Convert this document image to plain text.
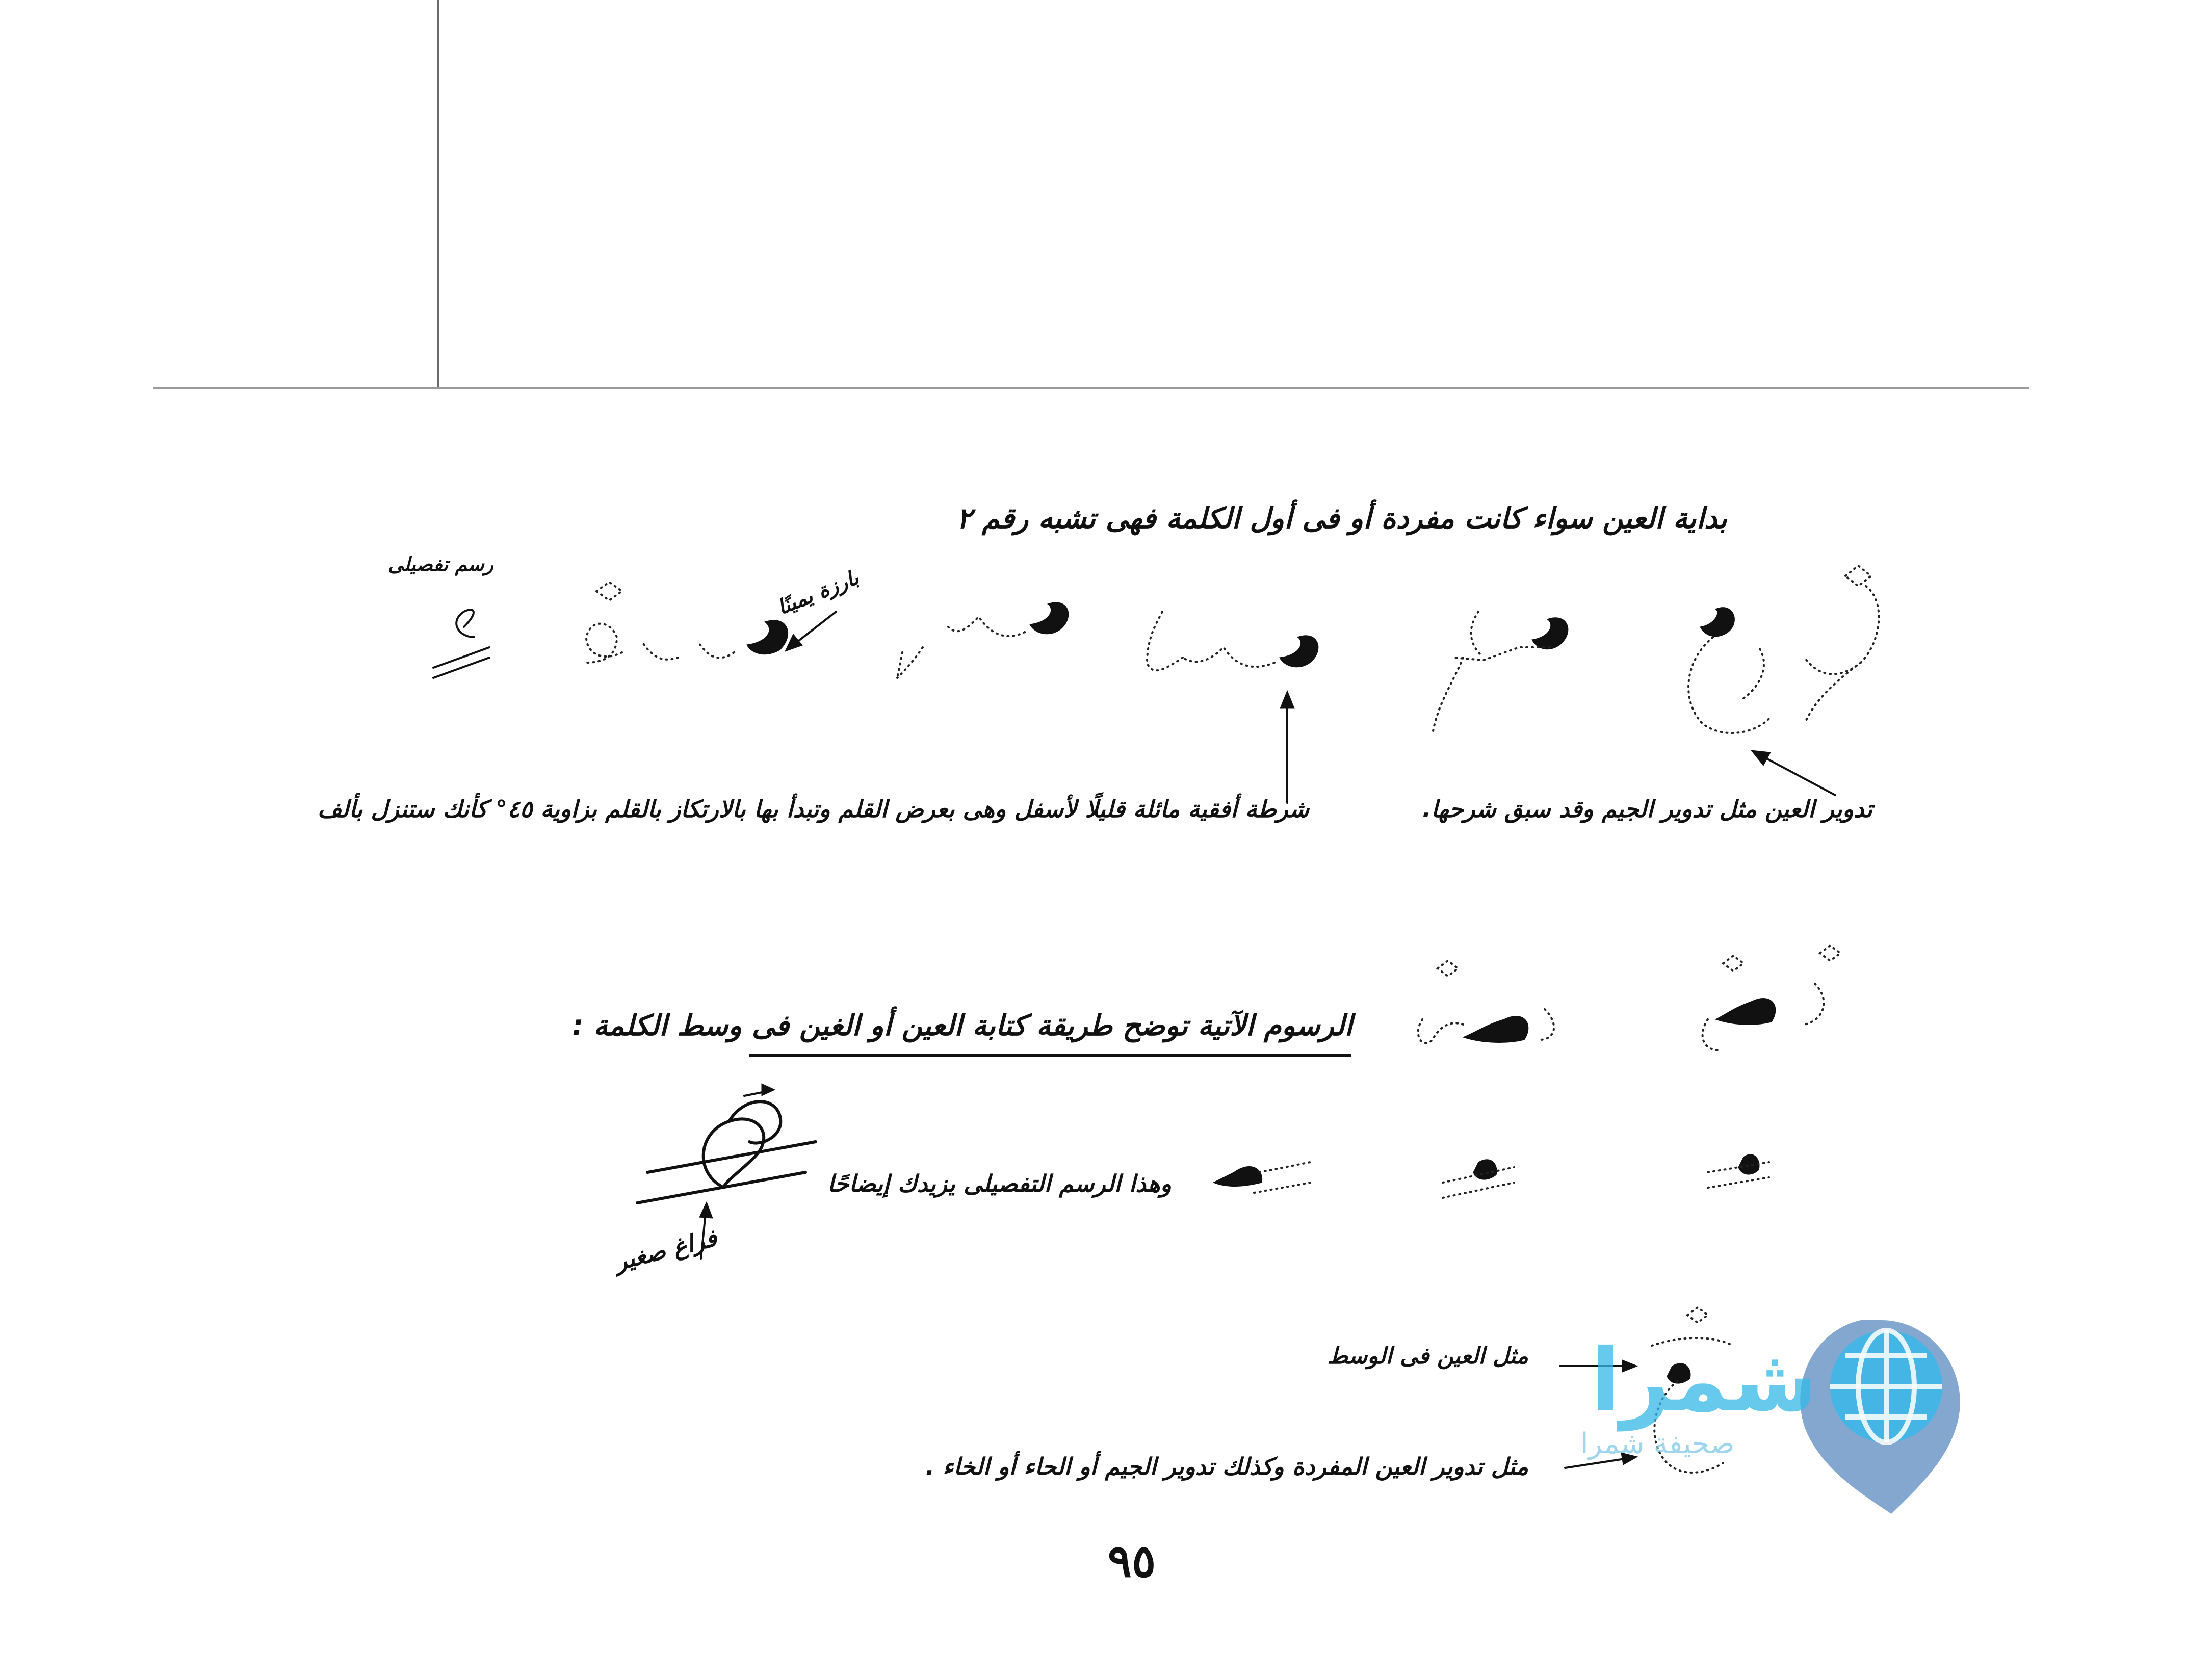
بداية العين سواء كانت مفردة أو فى أول الكلمة فهى تشبه رقم ٢
رسم تفصيلى
بارزة يمينًا
شرطة أفقية مائلة قليلًا لأسفل وهى بعرض القلم وتبدأ بها بالارتكاز بالقلم بزاوية ٤٥° كأنك ستنزل بألف	تدوير العين مثل تدوير الجيم وقد سبق شرحها.
الرسوم الآتية توضح طريقة كتابة العين أو الغين فى وسط الكلمة :
وهذا الرسم التفصيلى يزيدك إيضاحًا
فراغ صغير
مثل العين فى الوسط
مثل تدوير العين المفردة وكذلك تدوير الجيم أو الحاء أو الخاء .
٩٥
شمرا
صحيفة شمرا
